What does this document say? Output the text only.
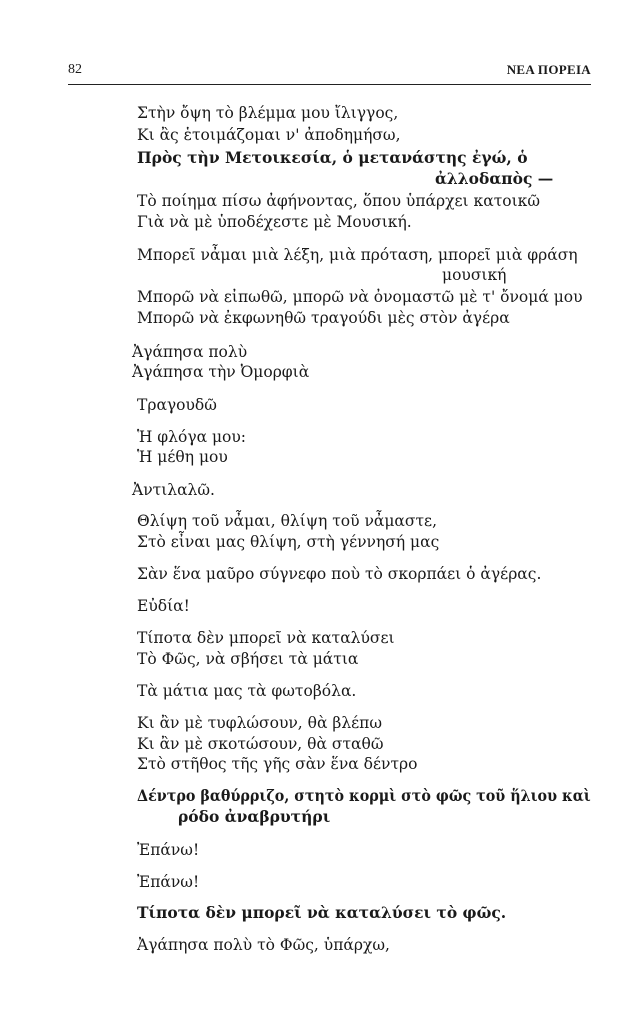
82	ΝΕΑ ΠΟΡΕΙΑ
Στὴν ὄψη τὸ βλέμμα μου ἴλιγγος,
Κι ἂς ἑτοιμάζομαι ν' ἀποδημήσω,
Πρὸς τὴν Μετοικεσία, ὁ μετανάστης ἐγώ, ὁ
ἀλλοδαπὸς —
Τὸ ποίημα πίσω ἀφήνοντας, ὅπου ὑπάρχει κατοικῶ
Γιὰ νὰ μὲ ὑποδέχεστε μὲ Μουσική.
Μπορεῖ νἆμαι μιὰ λέξη, μιὰ πρόταση, μπορεῖ μιὰ φράση
μουσική
Μπορῶ νὰ εἰπωθῶ, μπορῶ νὰ ὀνομαστῶ μὲ τ' ὄνομά μου
Μπορῶ νὰ ἐκφωνηθῶ τραγούδι μὲς στὸν ἀγέρα
Ἀγάπησα πολὺ
Ἀγάπησα τὴν Ὀμορφιὰ
Τραγουδῶ
Ἡ φλόγα μου:
Ἡ μέθη μου
Ἀντιλαλῶ.
Θλίψη τοῦ νἆμαι, θλίψη τοῦ νἆμαστε,
Στὸ εἶναι μας θλίψη, στὴ γέννησή μας
Σὰν ἕνα μαῦρο σύγνεφο ποὺ τὸ σκορπάει ὁ ἀγέρας.
Εὐδία!
Τίποτα δὲν μπορεῖ νὰ καταλύσει
Τὸ Φῶς, νὰ σβήσει τὰ μάτια
Τὰ μάτια μας τὰ φωτοβόλα.
Κι ἂν μὲ τυφλώσουν, θὰ βλέπω
Κι ἂν μὲ σκοτώσουν, θὰ σταθῶ
Στὸ στῆθος τῆς γῆς σὰν ἕνα δέντρο
Δέντρο βαθύρριζο, στητὸ κορμὶ στὸ φῶς τοῦ ἥλιου καὶ
ρόδο ἀναβρυτήρι
Ἐπάνω!
Ἐπάνω!
Τίποτα δὲν μπορεῖ νὰ καταλύσει τὸ φῶς.
Ἀγάπησα πολὺ τὸ Φῶς, ὑπάρχω,
